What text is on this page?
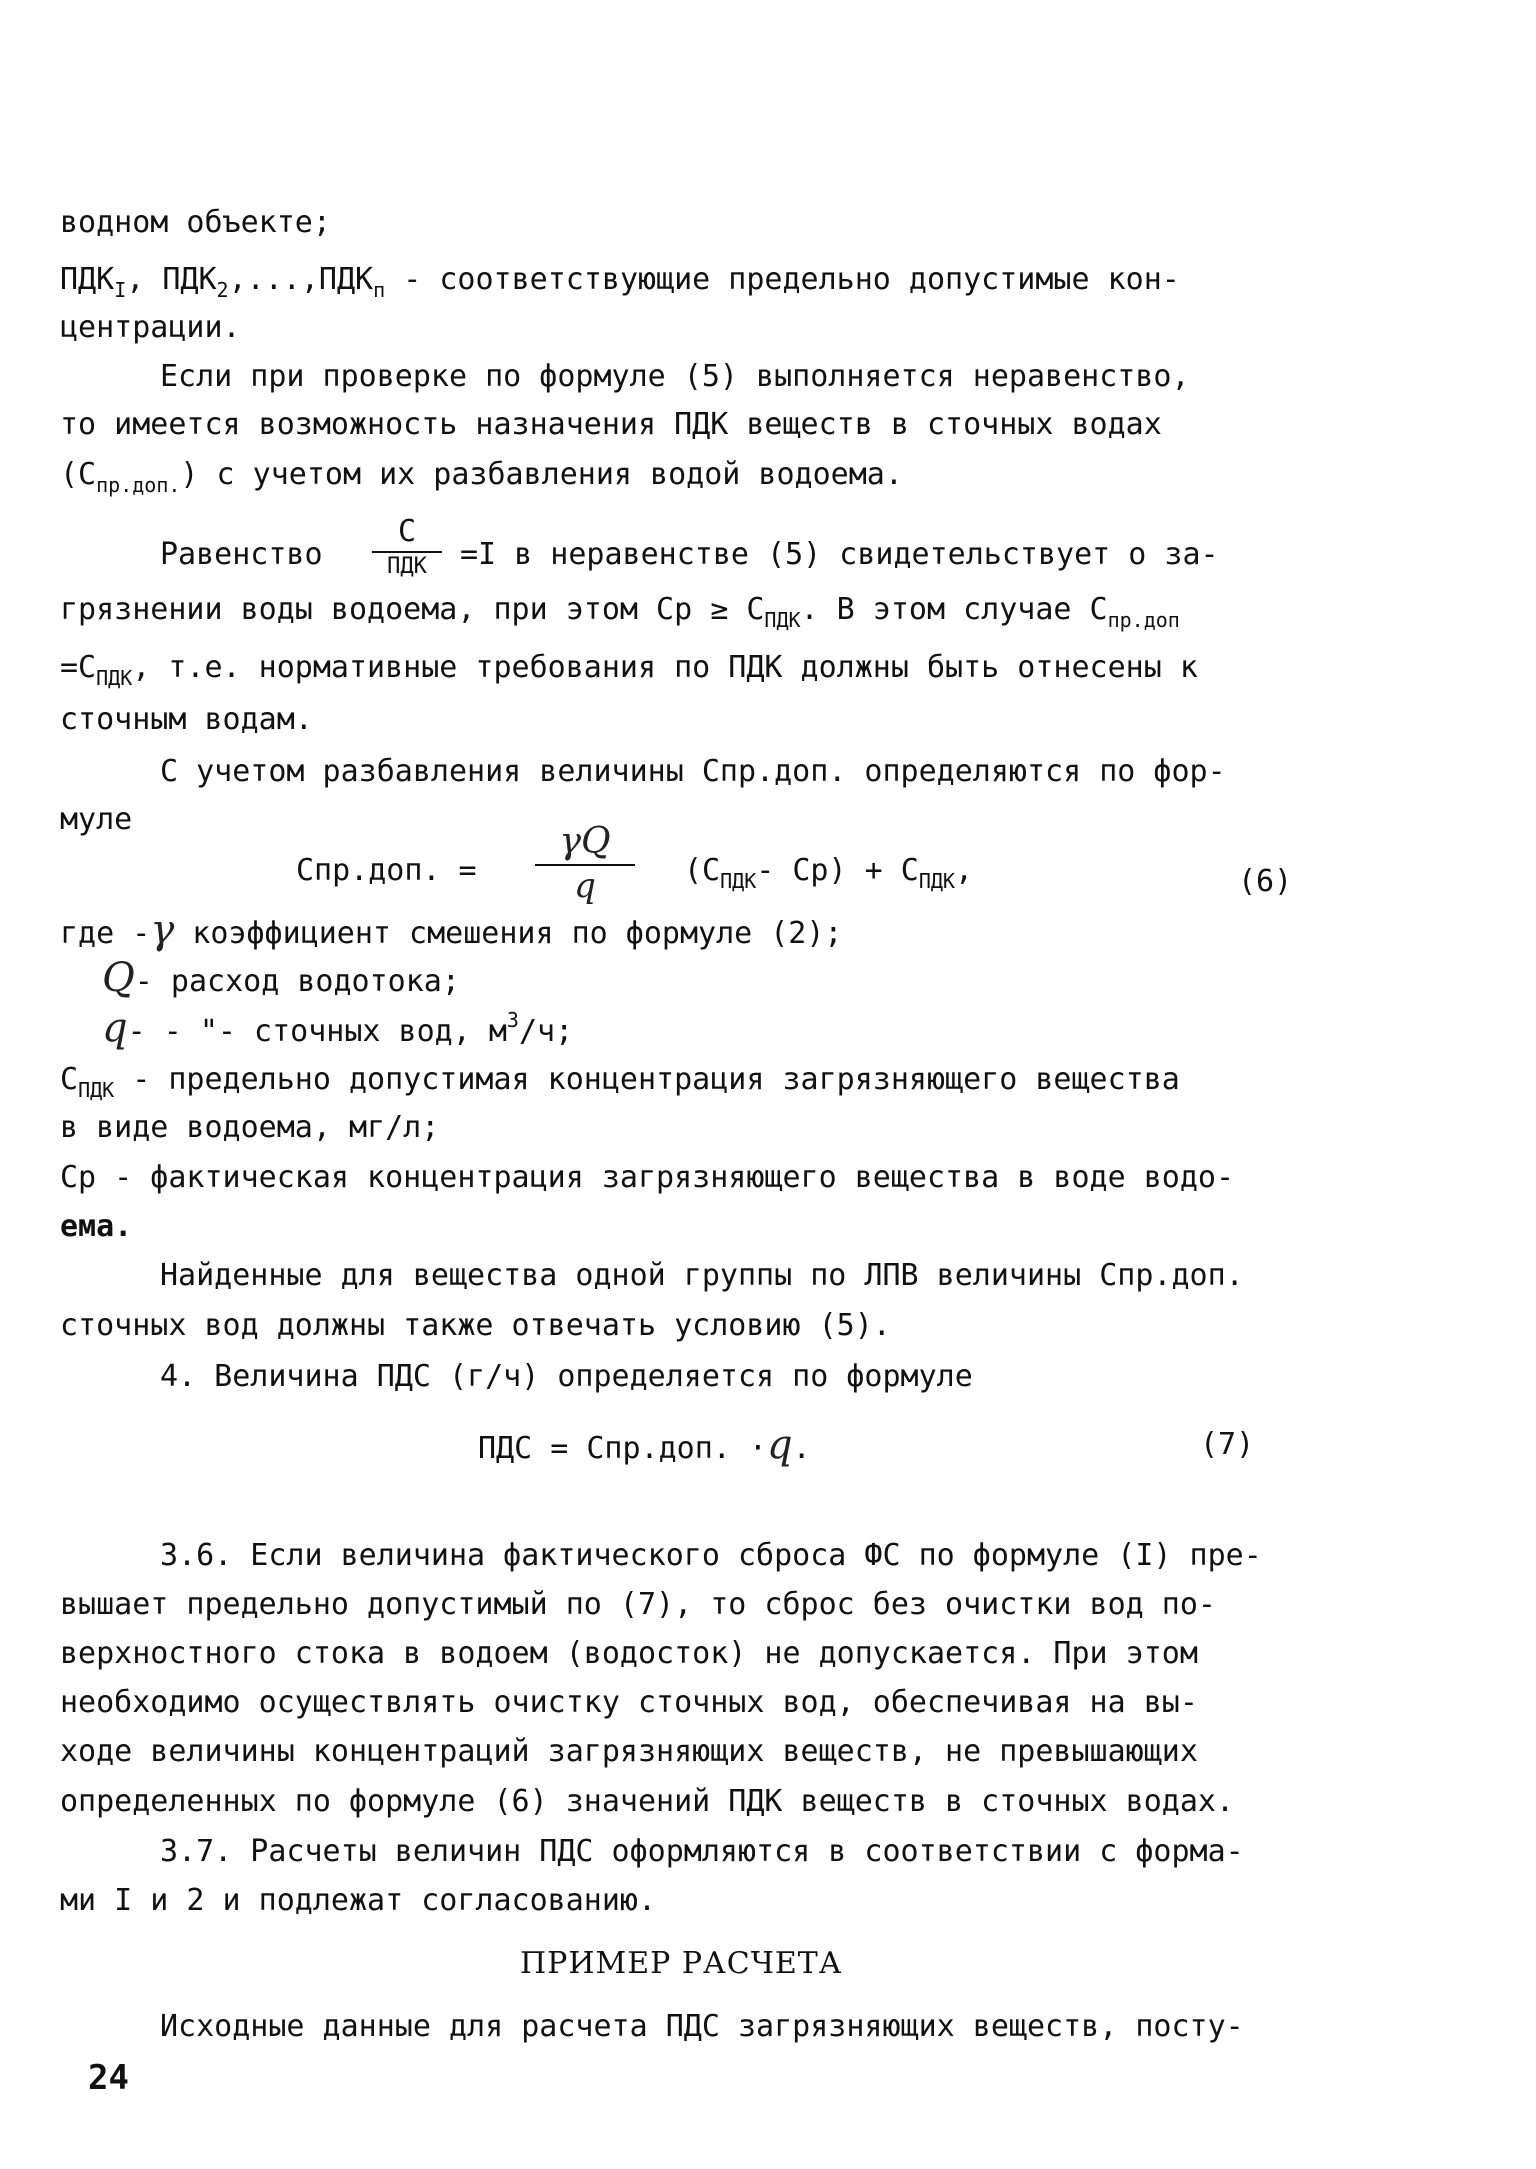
водном объекте;
$ПДК_I$, $ПДК_2,...,ПДК_п$ - соответствующие предельно допустимые кон-
центрации.
Если при проверке по формуле (5) выполняется неравенство,
то имеется возможность назначения ПДК веществ в сточных водах
$(С_{пр.доп.})$ с учетом их разбавления водой водоема.
Равенство
С
ПДК	=I в неравенстве (5) свидетельствует о за-
грязнении воды водоема, при этом Ср ≥ $С_{ПДК}$. В этом случае $С_{пр.доп}$
$=С_{ПДК}$, т.е. нормативные требования по ПДК должны быть отнесены к
сточным водам.
С учетом разбавления величины Спр.доп. определяются по фор-
муле
Спр.доп. =
γQ
q	($С_{ПДК}-$ $Ср) + С_{ПДК}$,	(6)
где -γ коэффициент смешения по формуле (2);
Q- расход водотока;
q- - "- сточных вод, $м^3/ч$;
$С_{ПДК}$ - предельно допустимая концентрация загрязняющего вещества
в виде водоема, мг/л;
Ср - фактическая концентрация загрязняющего вещества в воде водо-
ема.
Найденные для вещества одной группы по ЛПВ величины Спр.доп.
сточных вод должны также отвечать условию (5).
4. Величина ПДС (г/ч) определяется по формуле
ПДС = Спр.доп. ·q.	(7)
3.6. Если величина фактического сброса ФС по формуле (I) пре-
вышает предельно допустимый по (7), то сброс без очистки вод по-
верхностного стока в водоем (водосток) не допускается. При этом
необходимо осуществлять очистку сточных вод, обеспечивая на вы-
ходе величины концентраций загрязняющих веществ, не превышающих
определенных по формуле (6) значений ПДК веществ в сточных водах.
3.7. Расчеты величин ПДС оформляются в соответствии с форма-
ми I и 2 и подлежат согласованию.
ПРИМЕР РАСЧЕТА
Исходные данные для расчета ПДС загрязняющих веществ, посту-
24
